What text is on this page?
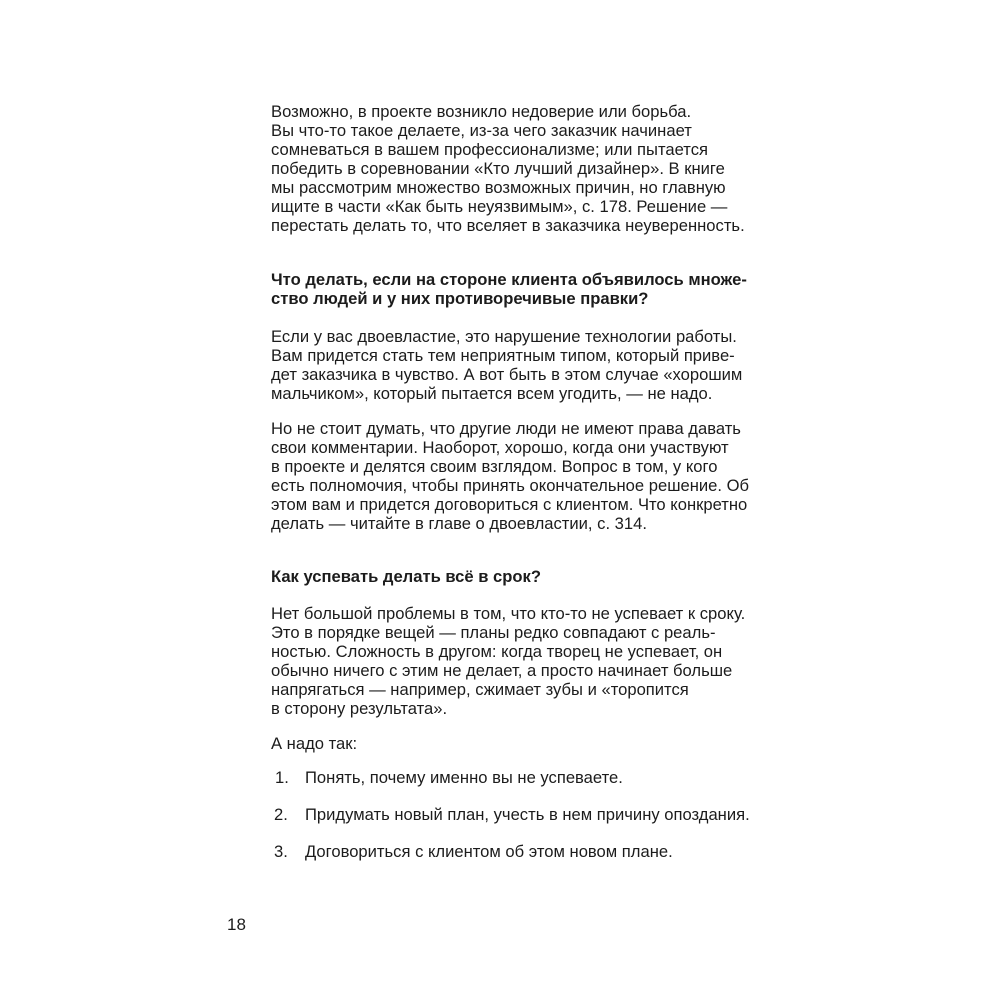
Возможно, в проекте возникло недоверие или борьба.
Вы что-то такое делаете, из-за чего заказчик начинает
сомневаться в вашем профессионализме; или пытается
победить в соревновании «Кто лучший дизайнер». В книге
мы рассмотрим множество возможных причин, но главную
ищите в части «Как быть неуязвимым», с. 178. Решение —
перестать делать то, что вселяет в заказчика неуверенность.
Что делать, если на стороне клиента объявилось множе-
ство людей и у них противоречивые правки?
Если у вас двоевластие, это нарушение технологии работы.
Вам придется стать тем неприятным типом, который приве-
дет заказчика в чувство. А вот быть в этом случае «хорошим
мальчиком», который пытается всем угодить, — не надо.
Но не стоит думать, что другие люди не имеют права давать
свои комментарии. Наоборот, хорошо, когда они участвуют
в проекте и делятся своим взглядом. Вопрос в том, у кого
есть полномочия, чтобы принять окончательное решение. Об
этом вам и придется договориться с клиентом. Что конкретно
делать — читайте в главе о двоевластии, с. 314.
Как успевать делать всё в срок?
Нет большой проблемы в том, что кто-то не успевает к сроку.
Это в порядке вещей — планы редко совпадают с реаль-
ностью. Сложность в другом: когда творец не успевает, он
обычно ничего с этим не делает, а просто начинает больше
напрягаться — например, сжимает зубы и «торопится
в сторону результата».
А надо так:
1. Понять, почему именно вы не успеваете.
2. Придумать новый план, учесть в нем причину опоздания.
3. Договориться с клиентом об этом новом плане.
18
